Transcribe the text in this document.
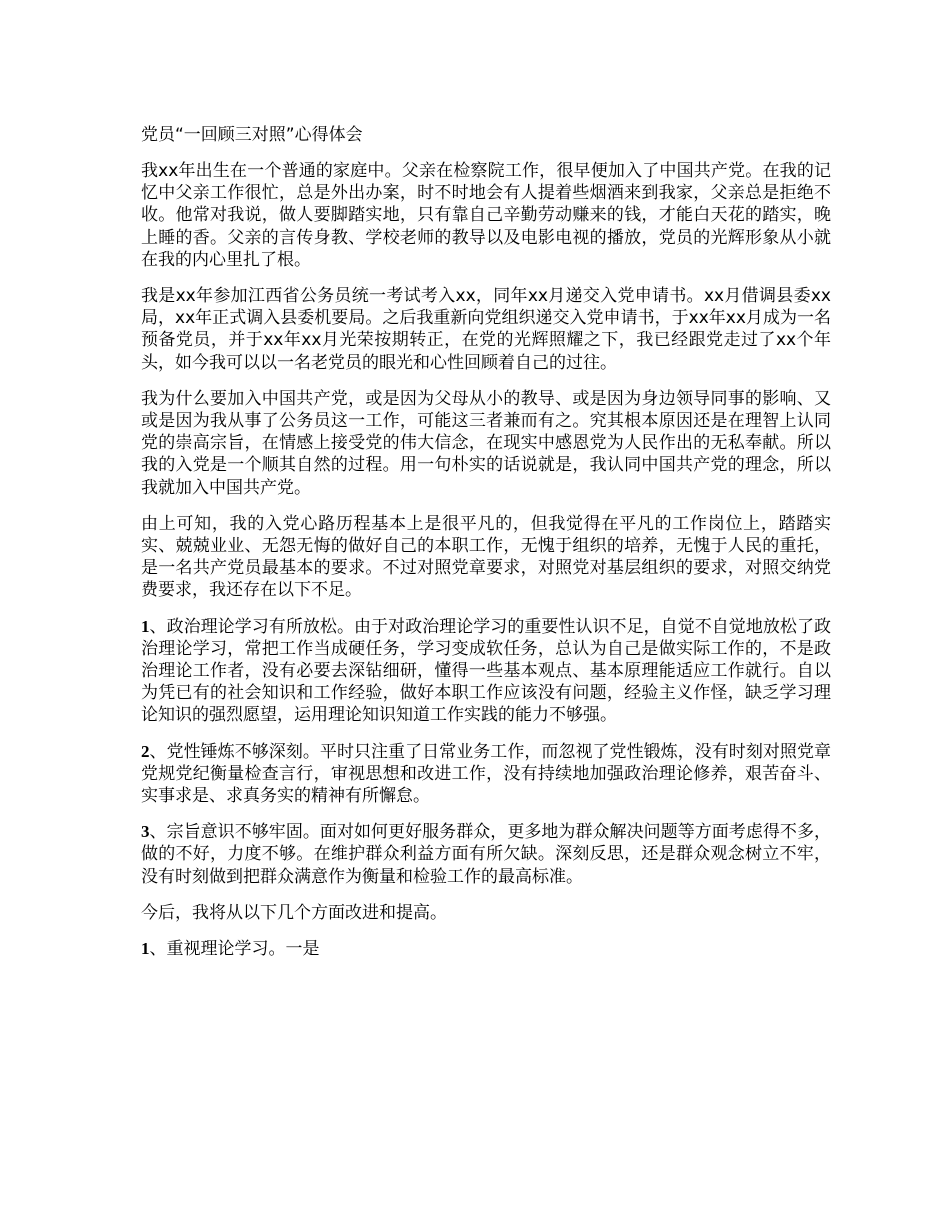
党员“一回顾三对照”心得体会

我xx年出生在一个普通的家庭中。父亲在检察院工作，很早便加入了中国共产党。在我的记忆中父亲工作很忙，总是外出办案，时不时地会有人提着些烟酒来到我家，父亲总是拒绝不收。他常对我说，做人要脚踏实地，只有靠自己辛勤劳动赚来的钱，才能白天花的踏实，晚上睡的香。父亲的言传身教、学校老师的教导以及电影电视的播放，党员的光辉形象从小就在我的内心里扎了根。

我是xx年参加江西省公务员统一考试考入xx，同年xx月递交入党申请书。xx月借调县委xx局，xx年正式调入县委机要局。之后我重新向党组织递交入党申请书，于xx年xx月成为一名预备党员，并于xx年xx月光荣按期转正，在党的光辉照耀之下，我已经跟党走过了xx个年头，如今我可以以一名老党员的眼光和心性回顾着自己的过往。

我为什么要加入中国共产党，或是因为父母从小的教导、或是因为身边领导同事的影响、又或是因为我从事了公务员这一工作，可能这三者兼而有之。究其根本原因还是在理智上认同党的崇高宗旨，在情感上接受党的伟大信念，在现实中感恩党为人民作出的无私奉献。所以我的入党是一个顺其自然的过程。用一句朴实的话说就是，我认同中国共产党的理念，所以我就加入中国共产党。

由上可知，我的入党心路历程基本上是很平凡的，但我觉得在平凡的工作岗位上，踏踏实实、兢兢业业、无怨无悔的做好自己的本职工作，无愧于组织的培养，无愧于人民的重托，是一名共产党员最基本的要求。不过对照党章要求，对照党对基层组织的要求，对照交纳党费要求，我还存在以下不足。

1、政治理论学习有所放松。由于对政治理论学习的重要性认识不足，自觉不自觉地放松了政治理论学习，常把工作当成硬任务，学习变成软任务，总认为自己是做实际工作的，不是政治理论工作者，没有必要去深钻细研，懂得一些基本观点、基本原理能适应工作就行。自以为凭已有的社会知识和工作经验，做好本职工作应该没有问题，经验主义作怪，缺乏学习理论知识的强烈愿望，运用理论知识知道工作实践的能力不够强。

2、党性锤炼不够深刻。平时只注重了日常业务工作，而忽视了党性锻炼，没有时刻对照党章党规党纪衡量检查言行，审视思想和改进工作，没有持续地加强政治理论修养，艰苦奋斗、实事求是、求真务实的精神有所懈怠。

3、宗旨意识不够牢固。面对如何更好服务群众，更多地为群众解决问题等方面考虑得不多，做的不好，力度不够。在维护群众利益方面有所欠缺。深刻反思，还是群众观念树立不牢，没有时刻做到把群众满意作为衡量和检验工作的最高标准。

今后，我将从以下几个方面改进和提高。

1、重视理论学习。一是
